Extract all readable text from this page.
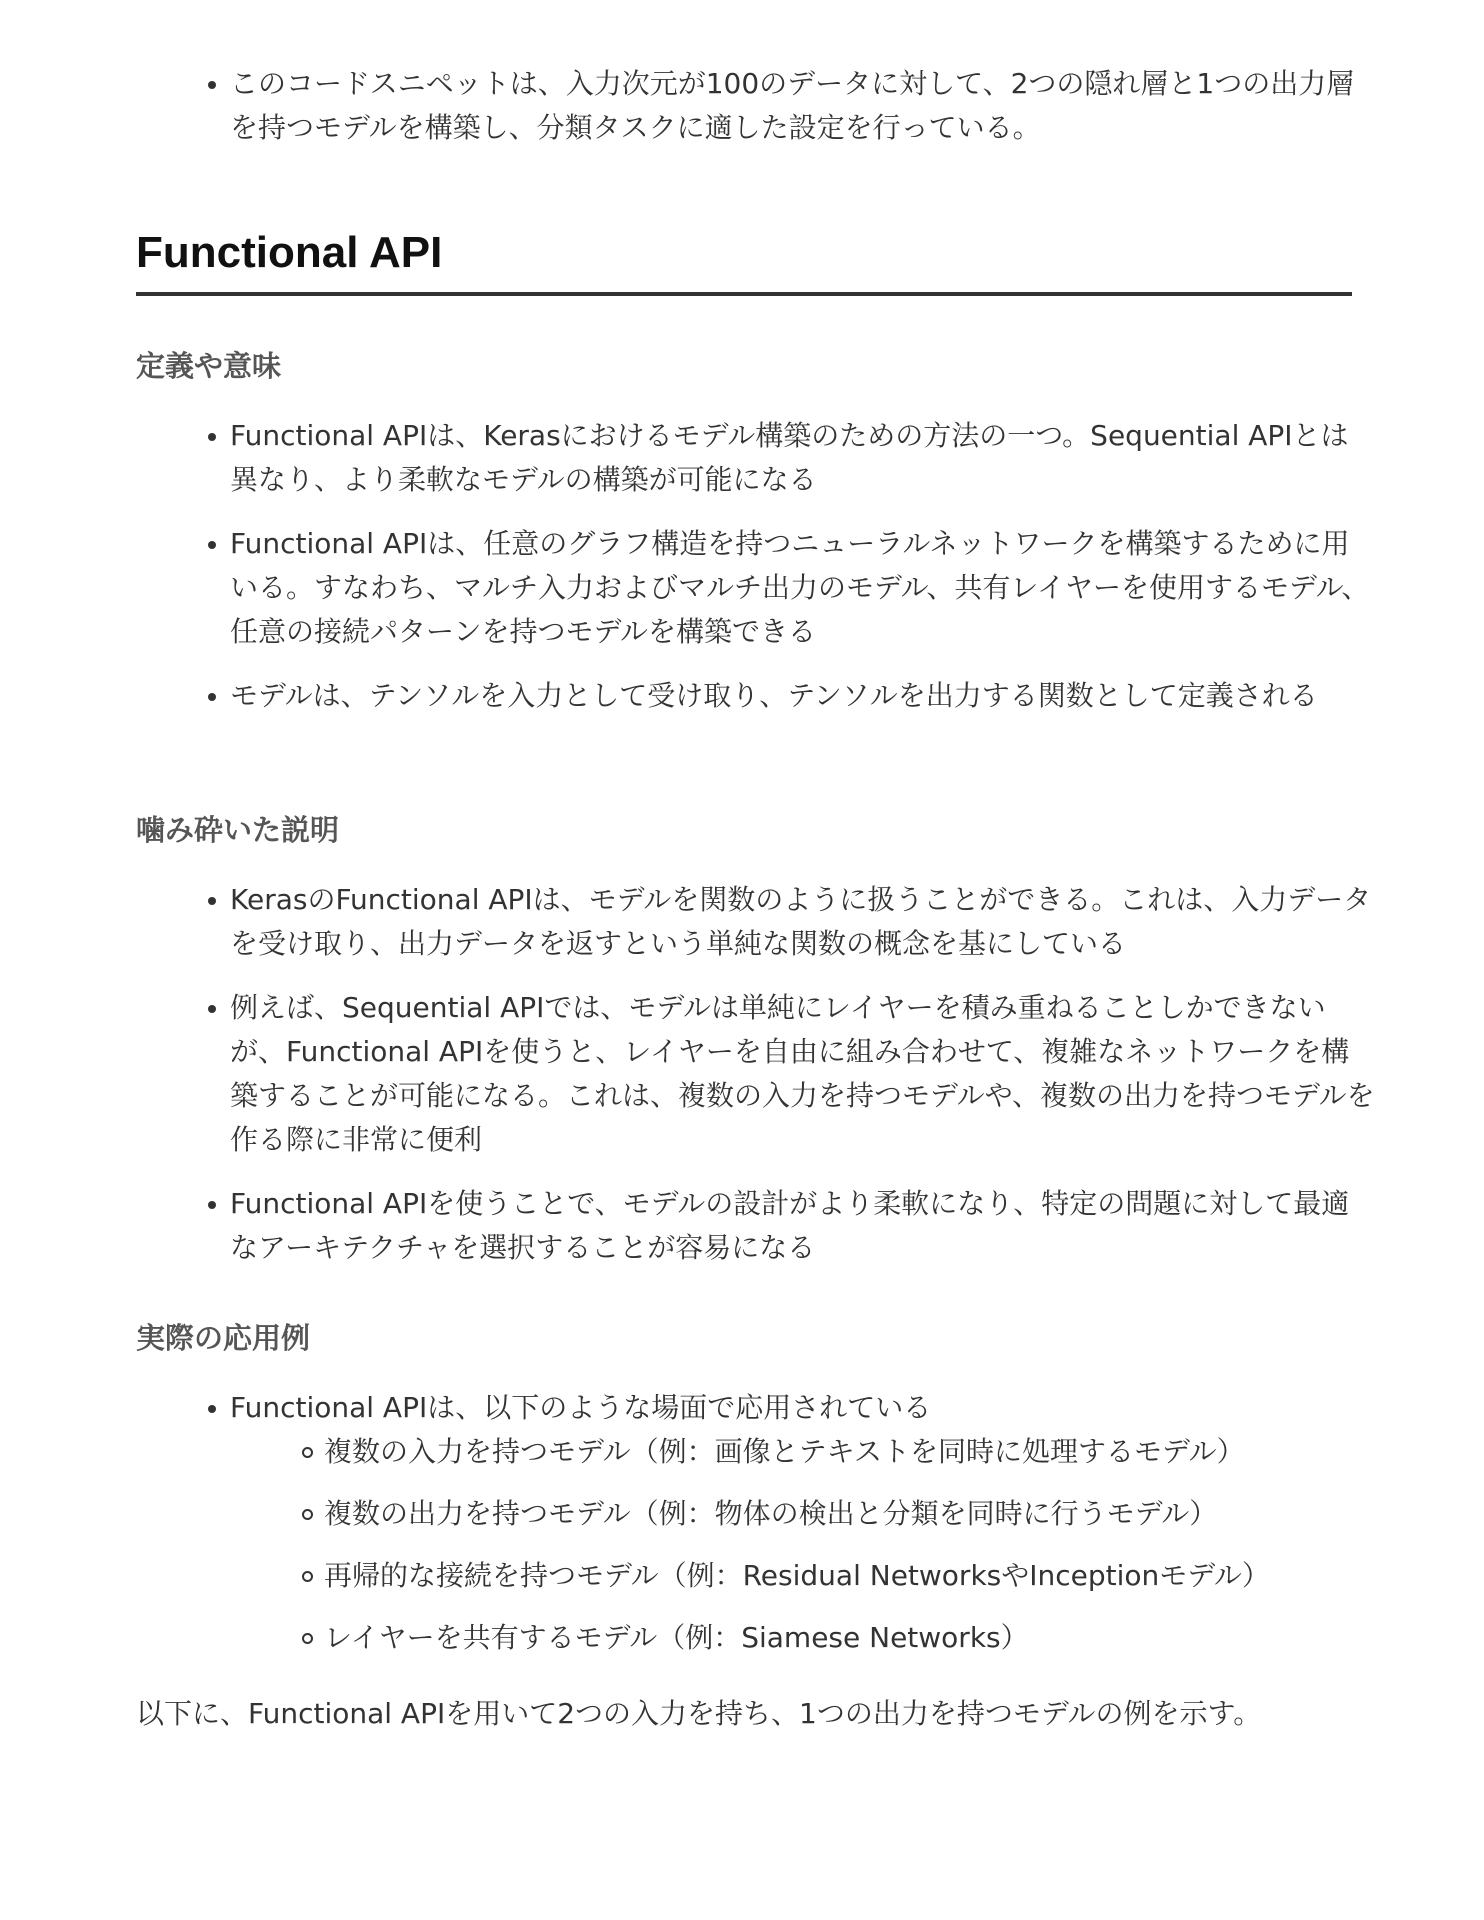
このコードスニペットは、入力次元が100のデータに対して、2つの隠れ層と1つの出力層を持つモデルを構築し、分類タスクに適した設定を行っている。
Functional API
定義や意味
Functional APIは、Kerasにおけるモデル構築のための方法の一つ。Sequential APIとは異なり、より柔軟なモデルの構築が可能になる
Functional APIは、任意のグラフ構造を持つニューラルネットワークを構築するために用いる。すなわち、マルチ入力およびマルチ出力のモデル、共有レイヤーを使用するモデル、任意の接続パターンを持つモデルを構築できる
モデルは、テンソルを入力として受け取り、テンソルを出力する関数として定義される
噛み砕いた説明
KerasのFunctional APIは、モデルを関数のように扱うことができる。これは、入力データを受け取り、出力データを返すという単純な関数の概念を基にしている
例えば、Sequential APIでは、モデルは単純にレイヤーを積み重ねることしかできないが、Functional APIを使うと、レイヤーを自由に組み合わせて、複雑なネットワークを構築することが可能になる。これは、複数の入力を持つモデルや、複数の出力を持つモデルを作る際に非常に便利
Functional APIを使うことで、モデルの設計がより柔軟になり、特定の問題に対して最適なアーキテクチャを選択することが容易になる
実際の応用例
Functional APIは、以下のような場面で応用されている
複数の入力を持つモデル（例：画像とテキストを同時に処理するモデル）
複数の出力を持つモデル（例：物体の検出と分類を同時に行うモデル）
再帰的な接続を持つモデル（例：Residual NetworksやInceptionモデル）
レイヤーを共有するモデル（例：Siamese Networks）

以下に、Functional APIを用いて2つの入力を持ち、1つの出力を持つモデルの例を示す。
